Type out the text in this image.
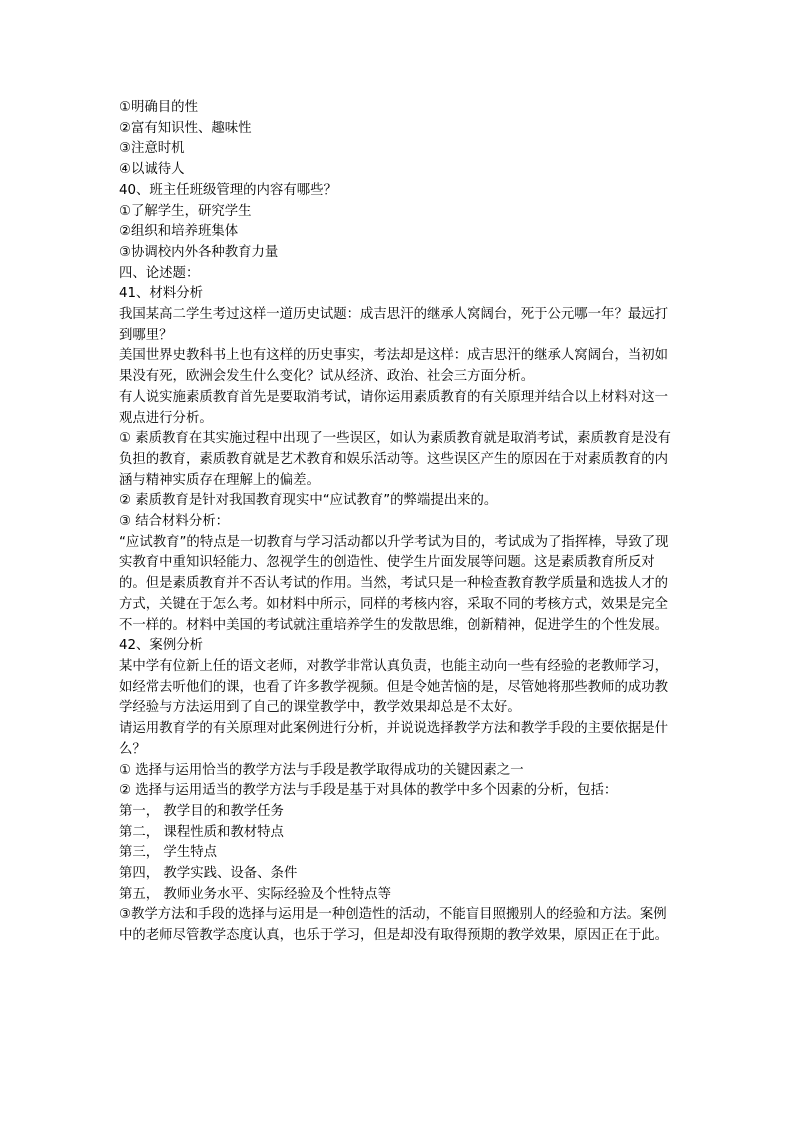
①明确目的性
②富有知识性、趣味性
③注意时机
④以诚待人
40、班主任班级管理的内容有哪些？
①了解学生，研究学生
②组织和培养班集体
③协调校内外各种教育力量
四、论述题：
41、材料分析
我国某高二学生考过这样一道历史试题：成吉思汗的继承人窝阔台，死于公元哪一年？最远打到哪里？
美国世界史教科书上也有这样的历史事实，考法却是这样：成吉思汗的继承人窝阔台，当初如果没有死，欧洲会发生什么变化？试从经济、政治、社会三方面分析。
有人说实施素质教育首先是要取消考试，请你运用素质教育的有关原理并结合以上材料对这一观点进行分析。
① 素质教育在其实施过程中出现了一些误区，如认为素质教育就是取消考试，素质教育是没有负担的教育，素质教育就是艺术教育和娱乐活动等。这些误区产生的原因在于对素质教育的内涵与精神实质存在理解上的偏差。
② 素质教育是针对我国教育现实中“应试教育”的弊端提出来的。
③ 结合材料分析：
“应试教育”的特点是一切教育与学习活动都以升学考试为目的，考试成为了指挥棒，导致了现实教育中重知识轻能力、忽视学生的创造性、使学生片面发展等问题。这是素质教育所反对的。但是素质教育并不否认考试的作用。当然，考试只是一种检查教育教学质量和选拔人才的方式，关键在于怎么考。如材料中所示，同样的考核内容，采取不同的考核方式，效果是完全不一样的。材料中美国的考试就注重培养学生的发散思维，创新精神，促进学生的个性发展。
42、案例分析
某中学有位新上任的语文老师，对教学非常认真负责，也能主动向一些有经验的老教师学习，如经常去听他们的课，也看了许多教学视频。但是令她苦恼的是，尽管她将那些教师的成功教学经验与方法运用到了自己的课堂教学中，教学效果却总是不太好。
请运用教育学的有关原理对此案例进行分析，并说说选择教学方法和教学手段的主要依据是什么？
① 选择与运用恰当的教学方法与手段是教学取得成功的关键因素之一
② 选择与运用适当的教学方法与手段是基于对具体的教学中多个因素的分析，包括：
第一， 教学目的和教学任务
第二， 课程性质和教材特点
第三， 学生特点
第四， 教学实践、设备、条件
第五， 教师业务水平、实际经验及个性特点等
③教学方法和手段的选择与运用是一种创造性的活动，不能盲目照搬别人的经验和方法。案例中的老师尽管教学态度认真，也乐于学习，但是却没有取得预期的教学效果，原因正在于此。
